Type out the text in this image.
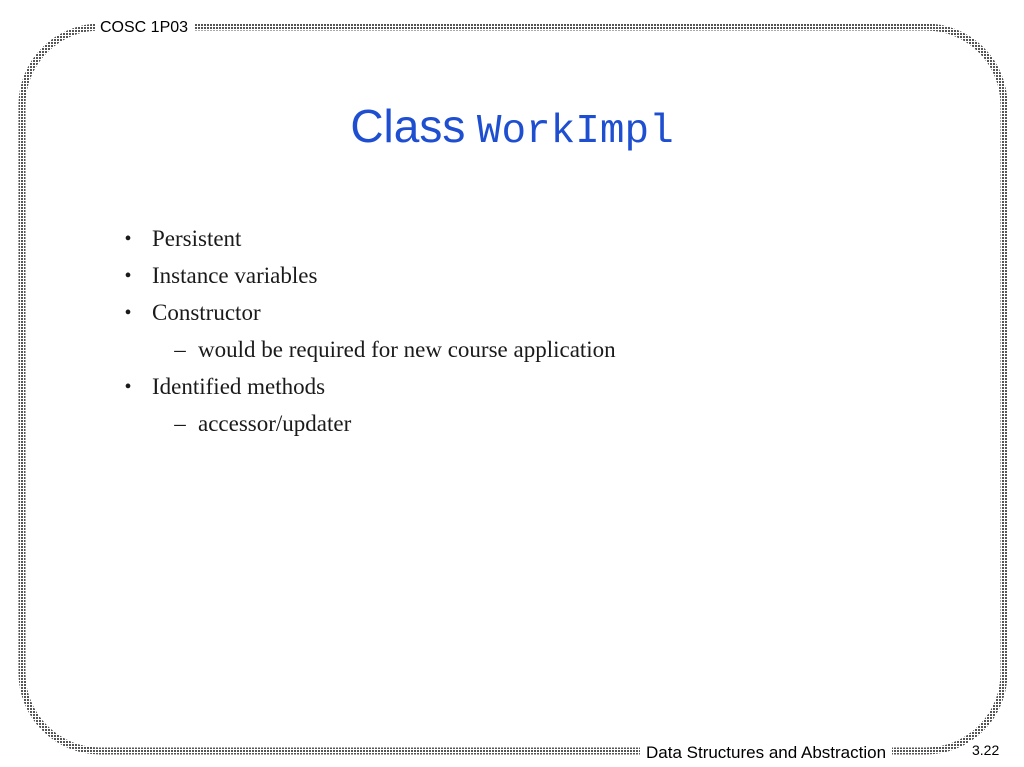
COSC 1P03
Class WorkImpl
• Persistent
• Instance variables
• Constructor
– would be required for new course application
• Identified methods
– accessor/updater
Data Structures and Abstraction	3.22
